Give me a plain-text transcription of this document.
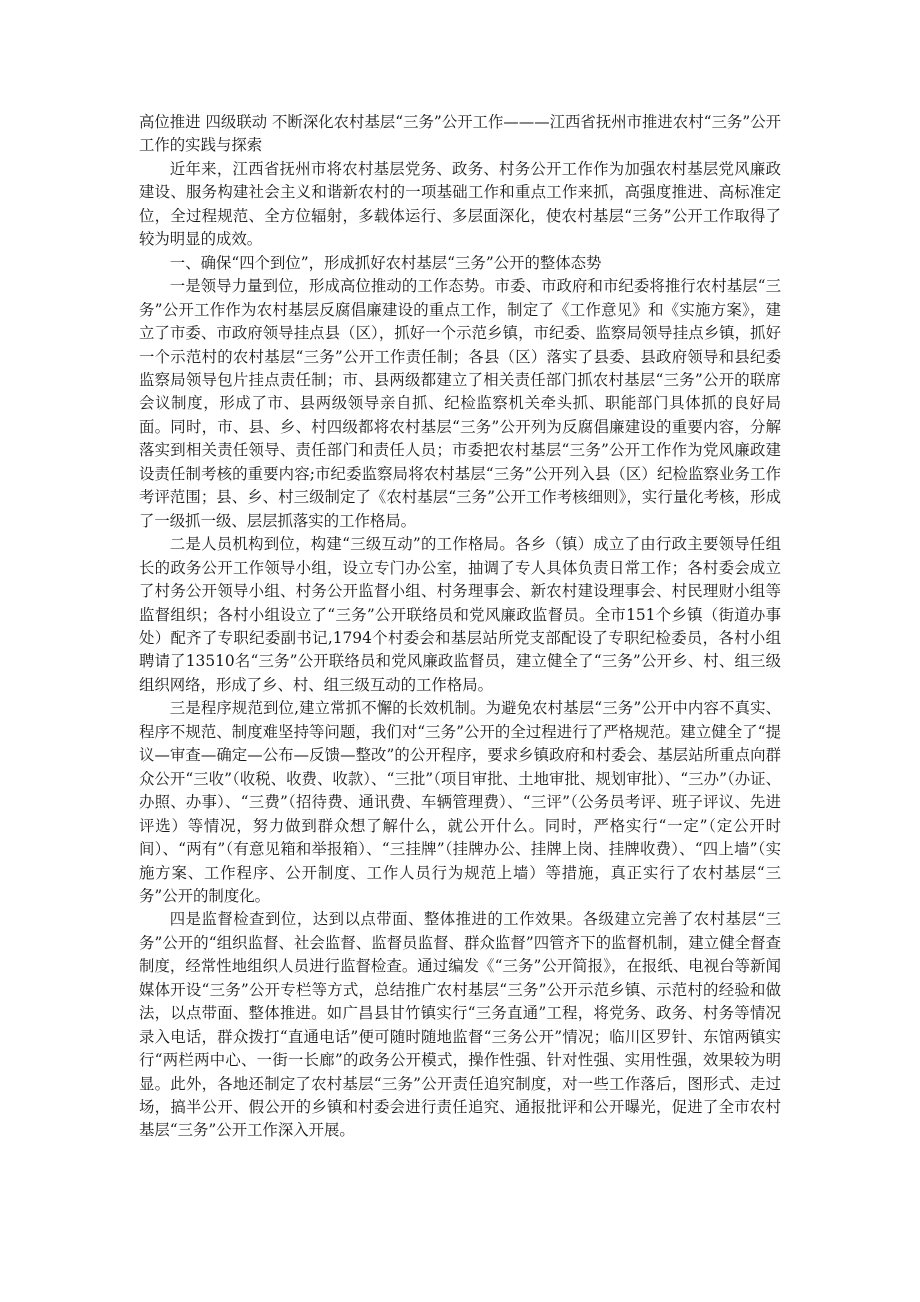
高位推进 四级联动 不断深化农村基层“三务”公开工作———江西省抚州市推进农村“三务”公开工作的实践与探索

近年来，江西省抚州市将农村基层党务、政务、村务公开工作作为加强农村基层党风廉政建设、服务构建社会主义和谐新农村的一项基础工作和重点工作来抓，高强度推进、高标准定位，全过程规范、全方位辐射，多载体运行、多层面深化，使农村基层“三务”公开工作取得了较为明显的成效。

一、确保“四个到位”，形成抓好农村基层“三务”公开的整体态势

一是领导力量到位，形成高位推动的工作态势。市委、市政府和市纪委将推行农村基层“三务”公开工作作为农村基层反腐倡廉建设的重点工作，制定了《工作意见》和《实施方案》，建立了市委、市政府领导挂点县（区），抓好一个示范乡镇，市纪委、监察局领导挂点乡镇，抓好一个示范村的农村基层“三务”公开工作责任制；各县（区）落实了县委、县政府领导和县纪委监察局领导包片挂点责任制；市、县两级都建立了相关责任部门抓农村基层“三务”公开的联席会议制度，形成了市、县两级领导亲自抓、纪检监察机关牵头抓、职能部门具体抓的良好局面。同时，市、县、乡、村四级都将农村基层“三务”公开列为反腐倡廉建设的重要内容，分解落实到相关责任领导、责任部门和责任人员；市委把农村基层“三务”公开工作作为党风廉政建设责任制考核的重要内容;市纪委监察局将农村基层“三务”公开列入县（区）纪检监察业务工作考评范围；县、乡、村三级制定了《农村基层“三务”公开工作考核细则》，实行量化考核，形成了一级抓一级、层层抓落实的工作格局。

二是人员机构到位，构建“三级互动”的工作格局。各乡（镇）成立了由行政主要领导任组长的政务公开工作领导小组，设立专门办公室，抽调了专人具体负责日常工作；各村委会成立了村务公开领导小组、村务公开监督小组、村务理事会、新农村建设理事会、村民理财小组等监督组织；各村小组设立了“三务”公开联络员和党风廉政监督员。全市151个乡镇（街道办事处）配齐了专职纪委副书记,1794个村委会和基层站所党支部配设了专职纪检委员，各村小组聘请了13510名“三务”公开联络员和党风廉政监督员，建立健全了“三务”公开乡、村、组三级组织网络，形成了乡、村、组三级互动的工作格局。

三是程序规范到位,建立常抓不懈的长效机制。为避免农村基层“三务”公开中内容不真实、程序不规范、制度难坚持等问题，我们对“三务”公开的全过程进行了严格规范。建立健全了“提议—审查—确定—公布—反馈—整改”的公开程序，要求乡镇政府和村委会、基层站所重点向群众公开“三收”（收税、收费、收款）、“三批”（项目审批、土地审批、规划审批）、“三办”（办证、办照、办事）、“三费”（招待费、通讯费、车辆管理费）、“三评”（公务员考评、班子评议、先进评选）等情况，努力做到群众想了解什么，就公开什么。同时，严格实行“一定”（定公开时间）、“两有”（有意见箱和举报箱）、“三挂牌”（挂牌办公、挂牌上岗、挂牌收费）、“四上墙”（实施方案、工作程序、公开制度、工作人员行为规范上墙）等措施，真正实行了农村基层“三务”公开的制度化。

四是监督检查到位，达到以点带面、整体推进的工作效果。各级建立完善了农村基层“三务”公开的“组织监督、社会监督、监督员监督、群众监督”四管齐下的监督机制，建立健全督查制度，经常性地组织人员进行监督检查。通过编发《“三务”公开简报》，在报纸、电视台等新闻媒体开设“三务”公开专栏等方式，总结推广农村基层“三务”公开示范乡镇、示范村的经验和做法，以点带面、整体推进。如广昌县甘竹镇实行“三务直通”工程，将党务、政务、村务等情况录入电话，群众拨打“直通电话”便可随时随地监督“三务公开”情况；临川区罗针、东馆两镇实行“两栏两中心、一街一长廊”的政务公开模式，操作性强、针对性强、实用性强，效果较为明显。此外，各地还制定了农村基层“三务”公开责任追究制度，对一些工作落后，图形式、走过场，搞半公开、假公开的乡镇和村委会进行责任追究、通报批评和公开曝光，促进了全市农村基层“三务”公开工作深入开展。
